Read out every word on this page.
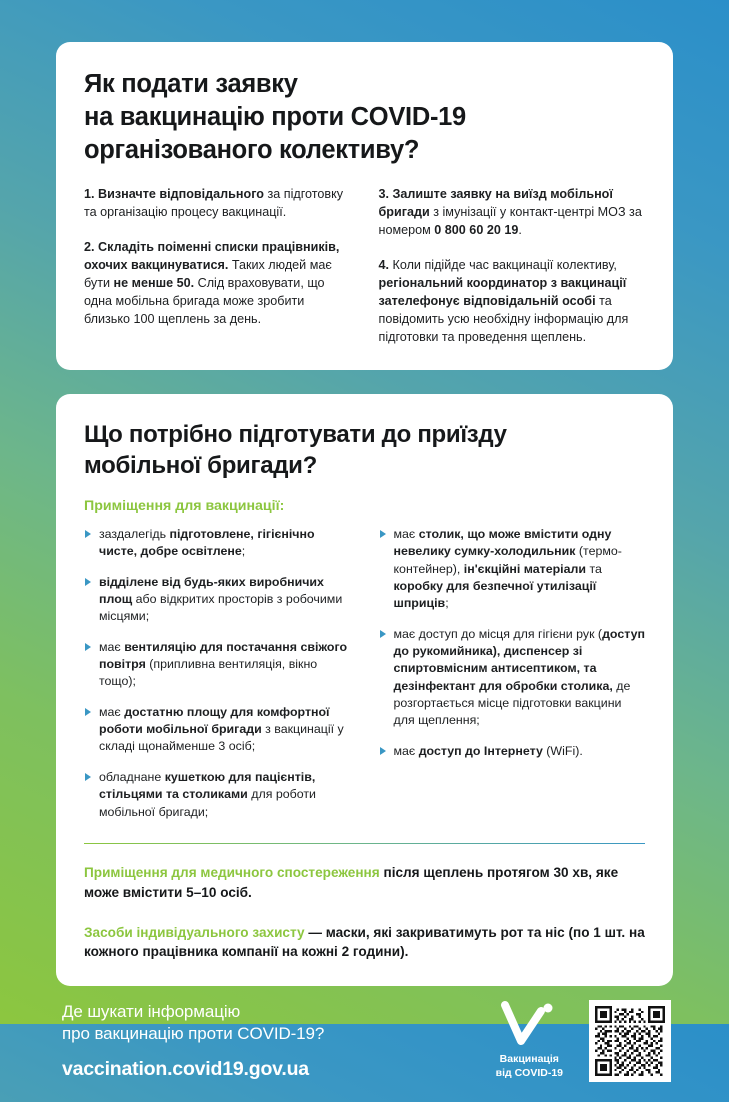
Як подати заявку
на вакцинацію проти COVID-19
організованого колективу?

1. Визначте відповідального за підготовку та організацію процесу вакцинації.

2. Складіть поіменні списки працівників, охочих вакцинуватися. Таких людей має бути не менше 50. Слід враховувати, що одна мобільна бригада може зробити близько 100 щеплень за день.

3. Залиште заявку на виїзд мобільної бригади з імунізації у контакт-центрі МОЗ за номером 0 800 60 20 19.

4. Коли підійде час вакцинації колективу, регіональний координатор з вакцинації зателефонує відповідальній особі та повідомить усю необхідну інформацію для підготовки та проведення щеплень.

Що потрібно підготувати до приїзду
мобільної бригади?
Приміщення для вакцинації:
заздалегідь підготовлене, гігієнічно чисте, добре освітлене;
відділене від будь-яких виробничих площ або відкритих просторів з робочими місцями;
має вентиляцію для постачання свіжого повітря (припливна вентиляція, вікно тощо);
має достатню площу для комфортної роботи мобільної бригади з вакцинації у складі щонайменше 3 осіб;
обладнане кушеткою для пацієнтів, стільцями та столиками для роботи мобільної бригади;
має столик, що може вмістити одну невелику сумку-холодильник (термо-контейнер), ін'єкційні матеріали та коробку для безпечної утилізації шприців;
має доступ до місця для гігієни рук (доступ до рукомийника), диспенсер зі спиртовмісним антисептиком, та дезінфектант для обробки столика, де розгортається місце підготовки вакцини для щеплення;
має доступ до Інтернету (WiFi).

Приміщення для медичного спостереження після щеплень протягом 30 хв, яке може вмістити 5–10 осіб.

Засоби індивідуального захисту — маски, які закриватимуть рот та ніс (по 1 шт. на кожного працівника компанії на кожні 2 години).

Де шукати інформацію
про вакцинацію проти COVID-19?
vaccination.covid19.gov.ua	Вакцинація
від COVID-19
